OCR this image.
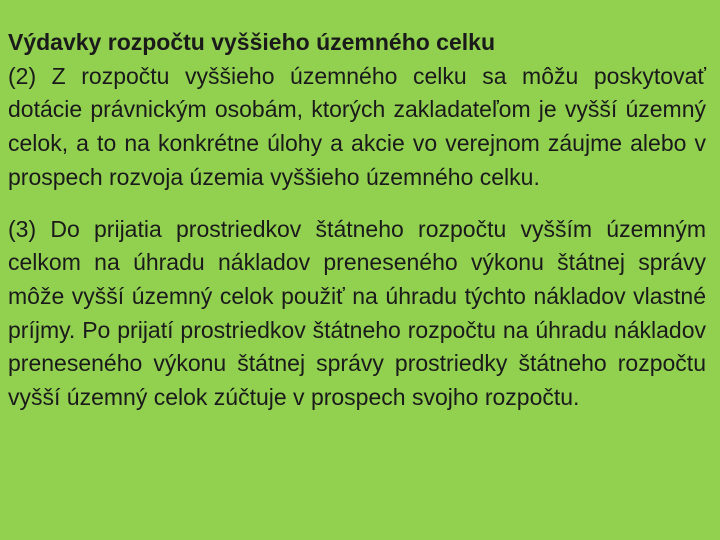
Výdavky rozpočtu vyššieho územného celku

(2) Z rozpočtu vyššieho územného celku sa môžu poskytovať dotácie právnickým osobám, ktorých zakladateľom je vyšší územný celok, a to na konkrétne úlohy a akcie vo verejnom záujme alebo v prospech rozvoja územia vyššieho územného celku.

(3) Do prijatia prostriedkov štátneho rozpočtu vyšším územným celkom na úhradu nákladov preneseného výkonu štátnej správy môže vyšší územný celok použiť na úhradu týchto nákladov vlastné príjmy. Po prijatí prostriedkov štátneho rozpočtu na úhradu nákladov preneseného výkonu štátnej správy prostriedky štátneho rozpočtu vyšší územný celok zúčtuje v prospech svojho rozpočtu.
